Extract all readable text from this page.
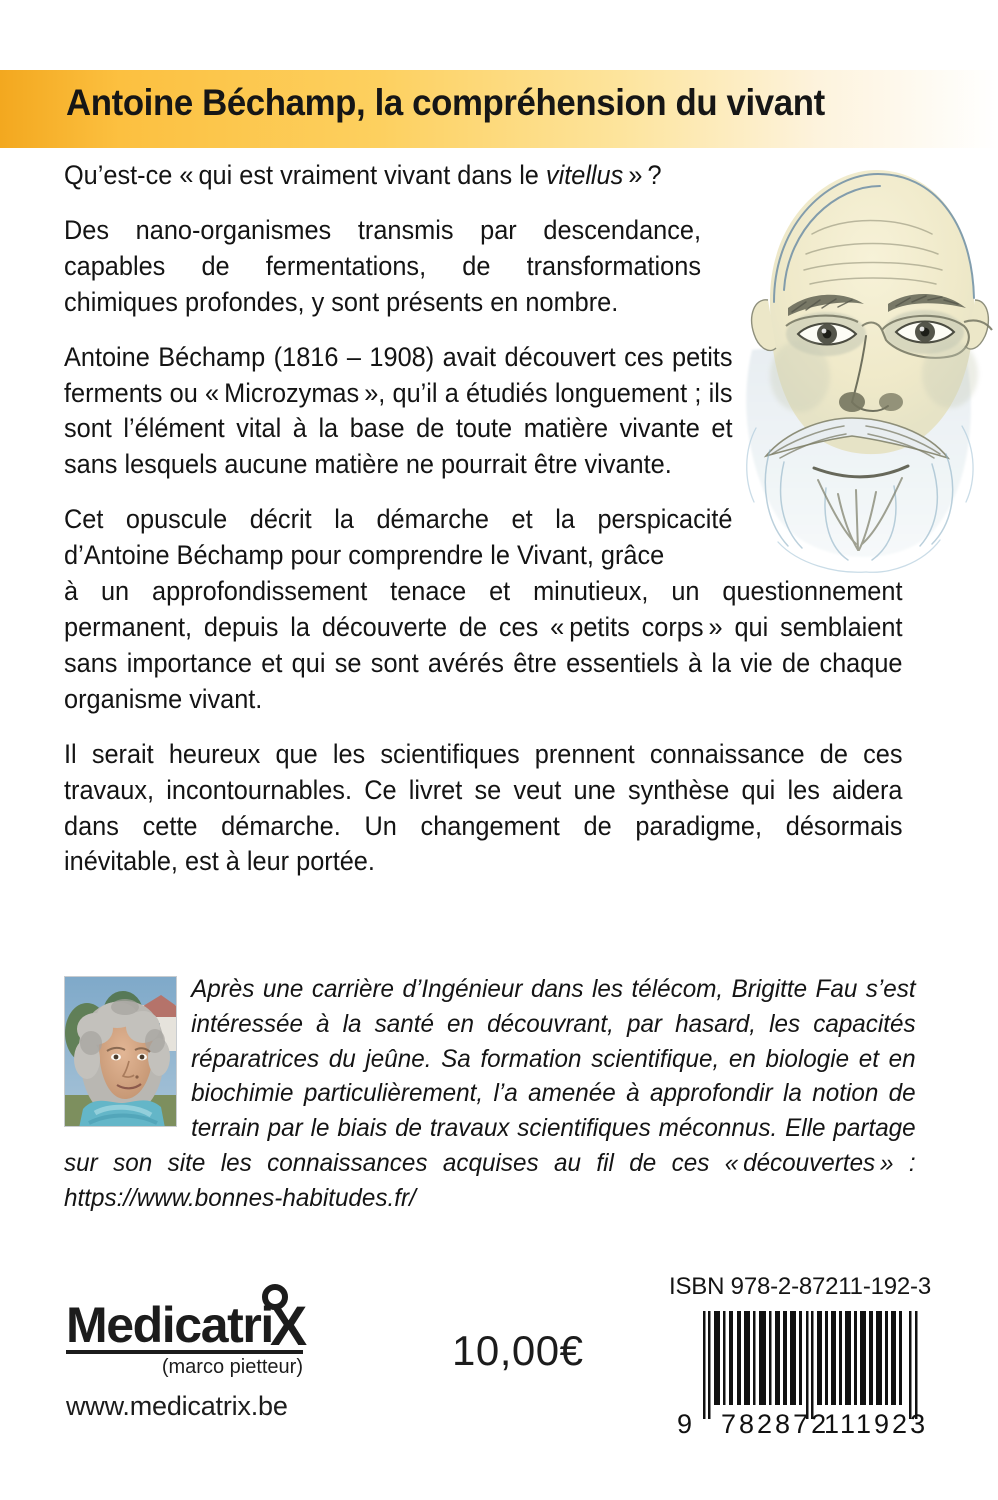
Antoine Béchamp, la compréhension du vivant

Qu’est-ce « qui est vraiment vivant dans le vitellus » ?

Des nano-organismes transmis par descendance, capables de fermentations, de transformations chimiques profondes, y sont présents en nombre.

Antoine Béchamp (1816 – 1908) avait découvert ces petits ferments ou « Microzymas », qu’il a étudiés longuement ; ils sont l’élément vital à la base de toute matière vivante et sans lesquels aucune matière ne pourrait être vivante.

Cet opuscule décrit la démarche et la perspicacité d’Antoine Béchamp pour comprendre le Vivant, grâce

à un approfondissement tenace et minutieux, un questionnement permanent, depuis la découverte de ces « petits corps » qui semblaient sans importance et qui se sont avérés être essentiels à la vie de chaque organisme vivant.

Il serait heureux que les scientifiques prennent connaissance de ces travaux, incontournables. Ce livret se veut une synthèse qui les aidera dans cette démarche. Un changement de paradigme, désormais inévitable, est à leur portée.

Après une carrière d’Ingénieur dans les télécom, Brigitte Fau s’est intéressée à la santé en découvrant, par hasard, les capacités réparatrices du jeûne. Sa formation scientifique, en biologie et en biochimie particulièrement, l’a amenée à approfondir la notion de terrain par le biais de travaux scientifiques méconnus. Elle partage sur son site les connaissances acquises au fil de ces « découvertes » : https://www.bonnes-habitudes.fr/
MedicatriX
(marco pietteur)
www.medicatrix.be
10,00€
ISBN 978-2-87211-192-3
9 782872
111923
